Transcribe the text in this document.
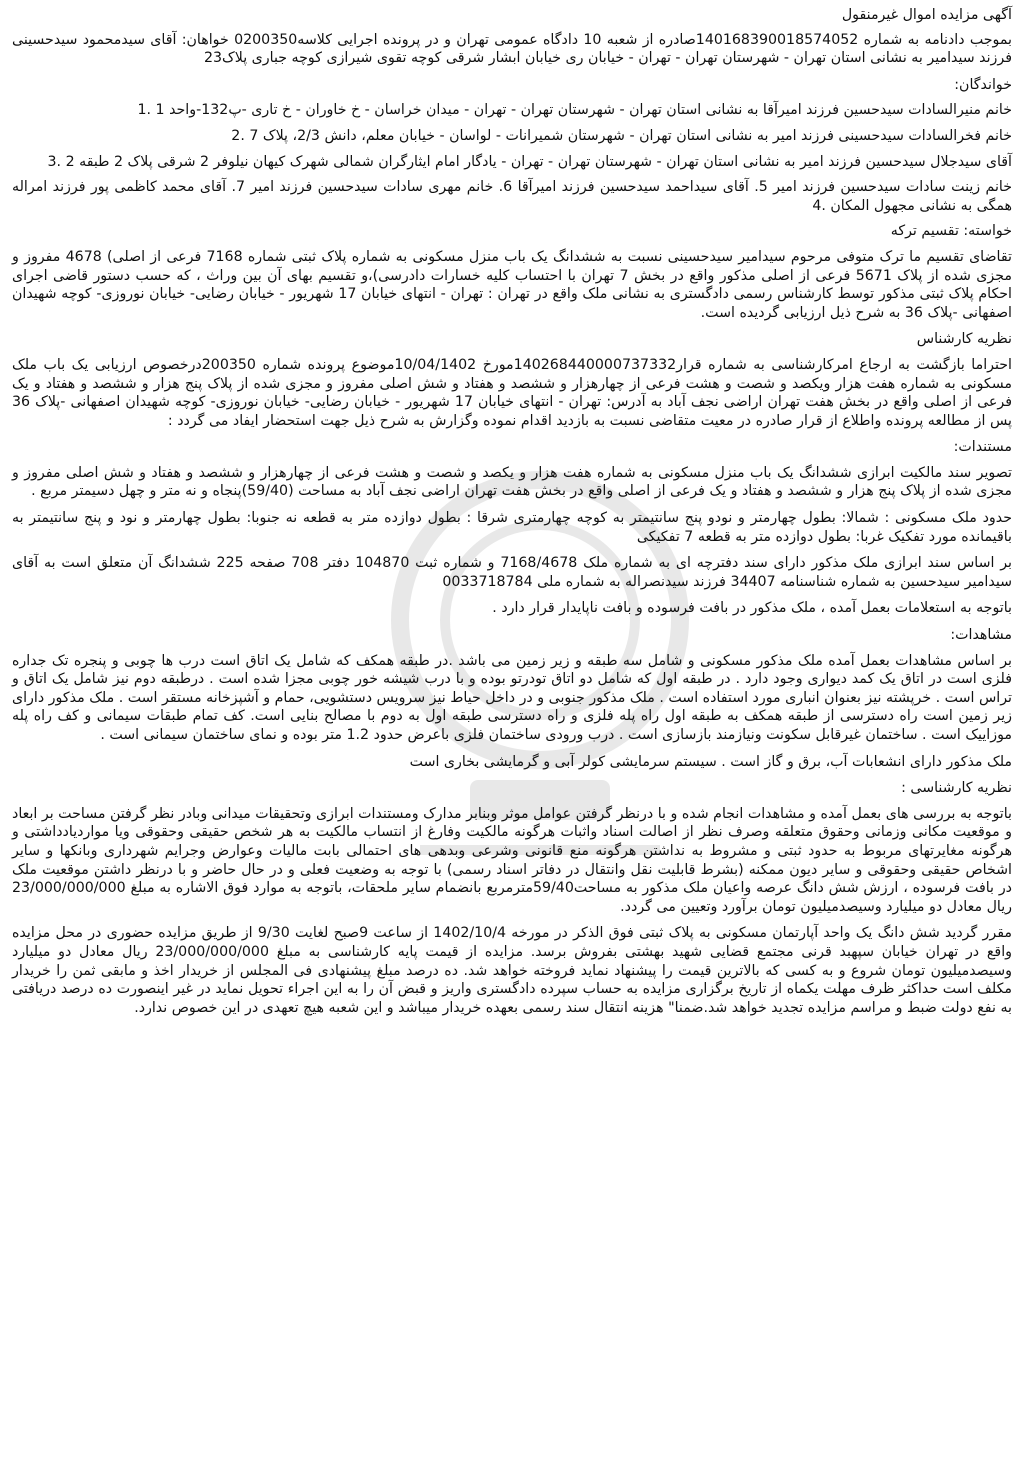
آگهی مزایده اموال غیرمنقول

بموجب دادنامه به شماره 140168390018574052صادره از شعبه 10 دادگاه عمومی تهران و در پرونده اجرایی کلاسه0200350 خواهان: آقای سیدمحمود سیدحسینی فرزند سیدامیر به نشانی استان تهران - شهرستان تهران - تهران - خیابان ری خیابان ابشار شرقی کوچه تقوی شیرازی کوچه جباری پلاک23

خواندگان:

خانم منیرالسادات سیدحسین فرزند امیرآقا به نشانی استان تهران - شهرستان تهران - تهران - میدان خراسان - خ خاوران - خ تاری -پ132-واحد 1 .1

خانم فخرالسادات سیدحسینی فرزند امیر به نشانی استان تهران - شهرستان شمیرانات - لواسان - خیابان معلم، دانش 2/3، پلاک 7 .2

آقای سیدجلال سیدحسین فرزند امیر به نشانی استان تهران - شهرستان تهران - تهران - یادگار امام ایثارگران شمالی شهرک کیهان نیلوفر 2 شرقی پلاک 2 طبقه 2 .3

خانم زینت سادات سیدحسین فرزند امیر 5. آقای سیداحمد سیدحسین فرزند امیرآقا 6. خانم مهری سادات سیدحسین فرزند امیر 7. آقای محمد کاظمی پور فرزند امراله همگی به نشانی مجهول المکان .4

خواسته: تقسیم ترکه

تقاضای تقسیم ما ترک متوفی مرحوم سیدامیر سیدحسینی نسبت به ششدانگ یک باب منزل مسکونی به شماره پلاک ثبتی شماره 7168 فرعی از اصلی) 4678 مفروز و مجزی شده از پلاک 5671 فرعی از اصلی مذکور واقع در بخش 7 تهران با احتساب کلیه خسارات دادرسی)،و تقسیم بهای آن بین وراث ، که حسب دستور قاضی اجرای احکام پلاک ثبتی مذکور توسط کارشناس رسمی دادگستری به نشانی ملک واقع در تهران : تهران - انتهای خیابان 17 شهریور - خیابان رضایی- خیابان نوروزی- کوچه شهیدان اصفهانی -پلاک 36 به شرح ذیل ارزیابی گردیده است.

نظریه کارشناس

احتراما بازگشت به ارجاع امرکارشناسی به شماره قرار140268440000737332مورخ 10/04/1402موضوع پرونده شماره 200350درخصوص ارزیابی یک باب ملک مسکونی به شماره هفت هزار ویکصد و شصت و هشت فرعی از چهارهزار و ششصد و هفتاد و شش اصلی مفروز و مجزی شده از پلاک پنج هزار و ششصد و هفتاد و یک فرعی از اصلی واقع در بخش هفت تهران اراضی نجف آباد به آدرس: تهران - انتهای خیابان 17 شهریور - خیابان رضایی- خیابان نوروزی- کوچه شهیدان اصفهانی -پلاک 36 پس از مطالعه پرونده واطلاع از قرار صادره در معیت متقاضی نسبت به بازدید اقدام نموده وگزارش به شرح ذیل جهت استحضار ایفاد می گردد :

مستندات:

تصویر سند مالکیت ابرازی ششدانگ یک باب منزل مسکونی به شماره هفت هزار و یکصد و شصت و هشت فرعی از چهارهزار و ششصد و هفتاد و شش اصلی مفروز و مجزی شده از پلاک پنج هزار و ششصد و هفتاد و یک فرعی از اصلی واقع در بخش هفت تهران اراضی نجف آباد به مساحت (59/40)پنجاه و نه متر و چهل دسیمتر مربع .

حدود ملک مسکونی : شمالا: بطول چهارمتر و نودو پنج سانتیمتر به کوچه چهارمتری شرقا : بطول دوازده متر به قطعه نه جنوبا: بطول چهارمتر و نود و پنج سانتیمتر به باقیمانده مورد تفکیک غربا: بطول دوازده متر به قطعه 7 تفکیکی

بر اساس سند ابرازی ملک مذکور دارای سند دفترچه ای به شماره ملک 7168/4678 و شماره ثبت 104870 دفتر 708 صفحه 225 ششدانگ آن متعلق است به آقای سیدامیر سیدحسین به شماره شناسنامه 34407 فرزند سیدنصراله به شماره ملی 0033718784

باتوجه به استعلامات بعمل آمده ، ملک مذکور در بافت فرسوده و بافت ناپایدار قرار دارد .

مشاهدات:

بر اساس مشاهدات بعمل آمده ملک مذکور مسکونی و شامل سه طبقه و زیر زمین می باشد .در طبقه همکف که شامل یک اتاق است درب ها چوبی و پنجره تک جداره فلزی است در اتاق یک کمد دیواری وجود دارد . در طبقه اول که شامل دو اتاق تودرتو بوده و با درب شیشه خور چوبی مجزا شده است . درطبقه دوم نیز شامل یک اتاق و تراس است . خرپشته نیز بعنوان انباری مورد استفاده است . ملک مذکور جنوبی و در داخل حیاط نیز سرویس دستشویی، حمام و آشپزخانه مستقر است . ملک مذکور دارای زیر زمین است راه دسترسی از طبقه همکف به طبقه اول راه پله فلزی و راه دسترسی طبقه اول به دوم با مصالح بنایی است. کف تمام طبقات سیمانی و کف راه پله موزاییک است . ساختمان غیرقابل سکونت ونیازمند بازسازی است . درب ورودی ساختمان فلزی باعرض حدود 1.2 متر بوده و نمای ساختمان سیمانی است .

ملک مذکور دارای انشعابات آب، برق و گاز است . سیستم سرمایشی کولر آبی و گرمایشی بخاری است

نظریه کارشناسی :

باتوجه به بررسی های بعمل آمده و مشاهدات انجام شده و با درنظر گرفتن عوامل موثر وبنابر مدارک ومستندات ابرازی وتحقیقات میدانی وبادر نظر گرفتن مساحت بر ابعاد و موقعیت مکانی وزمانی وحقوق متعلقه وصرف نظر از اصالت اسناد واثبات هرگونه مالکیت وفارغ از انتساب مالکیت به هر شخص حقیقی وحقوقی ویا مواردیادداشتی و هرگونه مغایرتهای مربوط به حدود ثبتی و مشروط به نداشتن هرگونه منع قانونی وشرعی وبدهی های احتمالی بابت مالیات وعوارض وجرایم شهرداری وبانکها و سایر اشخاص حقیقی وحقوقی و سایر دیون ممکنه (بشرط قابلیت نقل وانتقال در دفاتر اسناد رسمی) با توجه به وضعیت فعلی و در حال حاضر و با درنظر داشتن موقعیت ملک در بافت فرسوده ، ارزش شش دانگ عرصه واعیان ملک مذکور به مساحت59/40مترمربع بانضمام سایر ملحقات، باتوجه به موارد فوق الاشاره به مبلغ 23/000/000/000 ریال معادل دو میلیارد وسیصدمیلیون تومان برآورد وتعیین می گردد.

مقرر گردید شش دانگ یک واحد آپارتمان مسکونی به پلاک ثبتی فوق الذکر در مورخه 1402/10/4 از ساعت 9صبح لغایت 9/30 از طریق مزایده حضوری در محل مزایده واقع در تهران خیابان سپهبد قرنی مجتمع قضایی شهید بهشتی بفروش برسد. مزایده از قیمت پایه کارشناسی به مبلغ 23/000/000/000 ریال معادل دو میلیارد وسیصدمیلیون تومان شروع و به کسی که بالاترین قیمت را پیشنهاد نماید فروخته خواهد شد. ده درصد مبلغ پیشنهادی فی المجلس از خریدار اخذ و مابقی ثمن را خریدار مکلف است حداکثر ظرف مهلت یکماه از تاریخ برگزاری مزایده به حساب سپرده دادگستری واریز و قبض آن را به این اجراء تحویل نماید در غیر اینصورت ده درصد دریافتی به نفع دولت ضبط و مراسم مزایده تجدید خواهد شد.ضمنا" هزینه انتقال سند رسمی بعهده خریدار میباشد و این شعبه هیچ تعهدی در این خصوص ندارد.
